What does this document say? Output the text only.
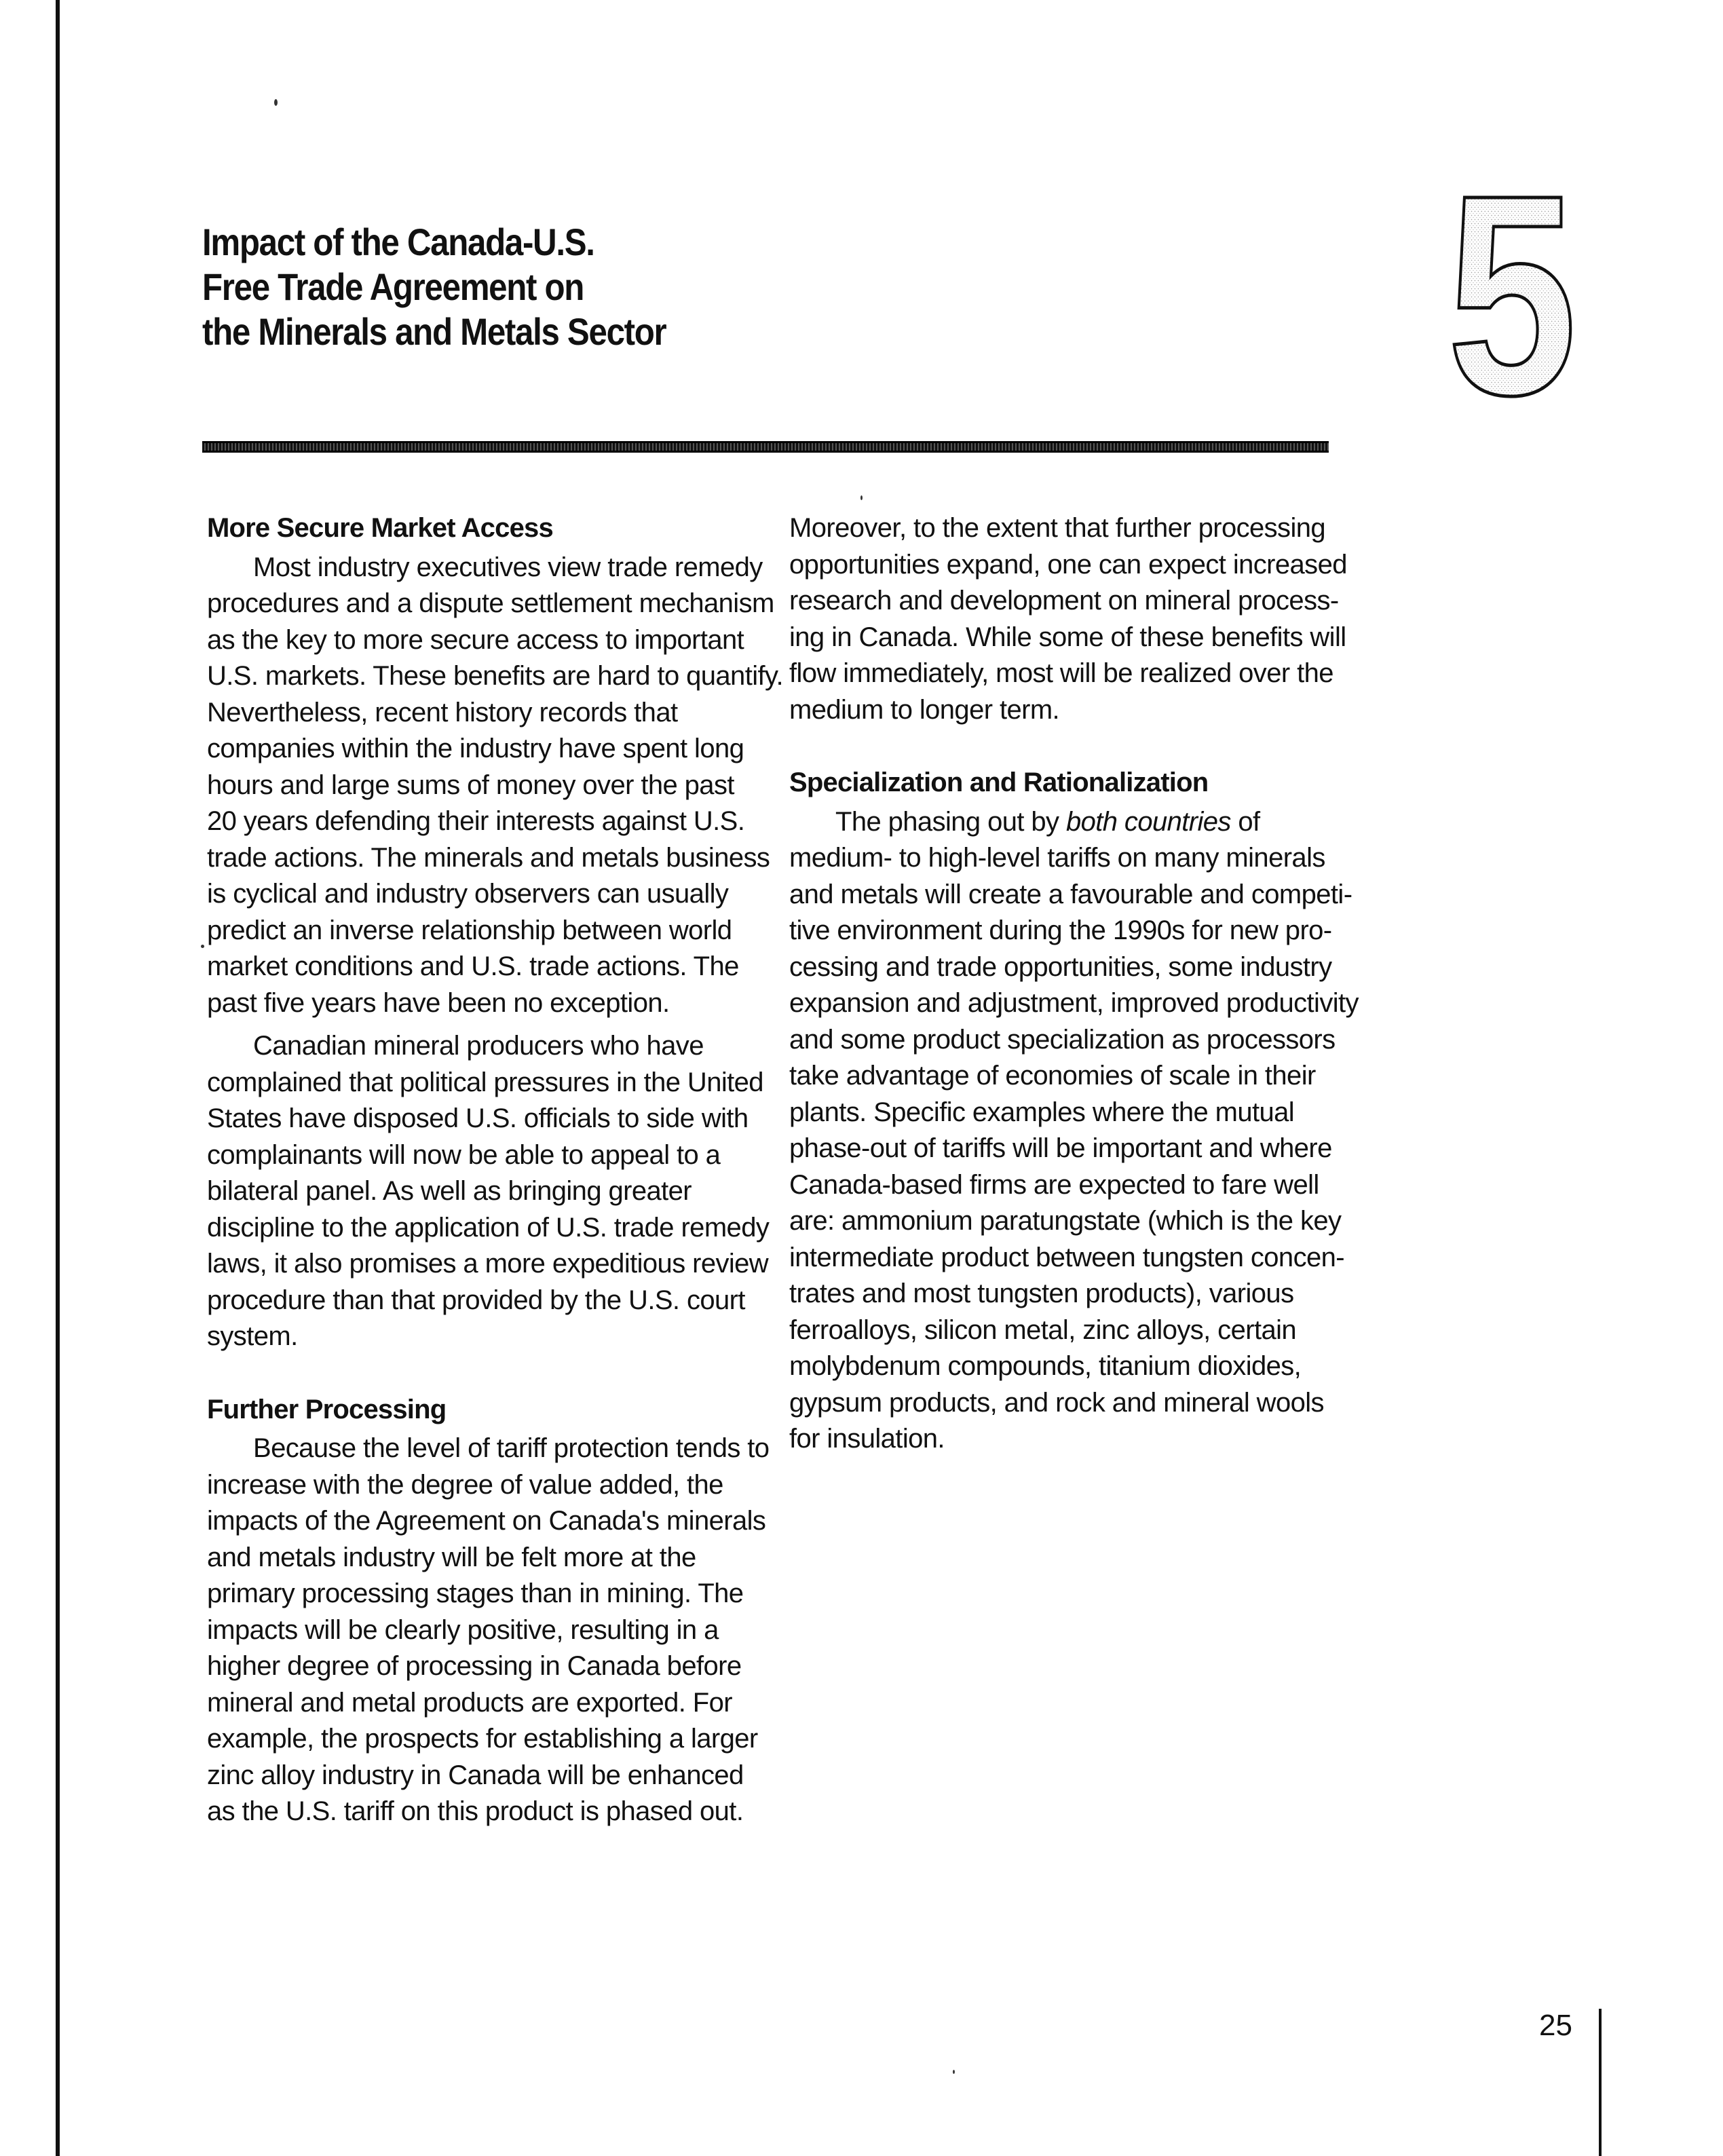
Impact of the Canada-U.S.
Free Trade Agreement on
the Minerals and Metals Sector	5
More Secure Market Access
Most industry executives view trade remedy
procedures and a dispute settlement mechanism
as the key to more secure access to important
U.S. markets. These benefits are hard to quantify.
Nevertheless, recent history records that
companies within the industry have spent long
hours and large sums of money over the past
20 years defending their interests against U.S.
trade actions. The minerals and metals business
is cyclical and industry observers can usually
predict an inverse relationship between world
market conditions and U.S. trade actions. The
past five years have been no exception.
Canadian mineral producers who have
complained that political pressures in the United
States have disposed U.S. officials to side with
complainants will now be able to appeal to a
bilateral panel. As well as bringing greater
discipline to the application of U.S. trade remedy
laws, it also promises a more expeditious review
procedure than that provided by the U.S. court
system.
Further Processing
Because the level of tariff protection tends to
increase with the degree of value added, the
impacts of the Agreement on Canada's minerals
and metals industry will be felt more at the
primary processing stages than in mining. The
impacts will be clearly positive, resulting in a
higher degree of processing in Canada before
mineral and metal products are exported. For
example, the prospects for establishing a larger
zinc alloy industry in Canada will be enhanced
as the U.S. tariff on this product is phased out.
Moreover, to the extent that further processing
opportunities expand, one can expect increased
research and development on mineral process-
ing in Canada. While some of these benefits will
flow immediately, most will be realized over the
medium to longer term.
Specialization and Rationalization
The phasing out by both countries of
medium- to high-level tariffs on many minerals
and metals will create a favourable and competi-
tive environment during the 1990s for new pro-
cessing and trade opportunities, some industry
expansion and adjustment, improved productivity
and some product specialization as processors
take advantage of economies of scale in their
plants. Specific examples where the mutual
phase-out of tariffs will be important and where
Canada-based firms are expected to fare well
are: ammonium paratungstate (which is the key
intermediate product between tungsten concen-
trates and most tungsten products), various
ferroalloys, silicon metal, zinc alloys, certain
molybdenum compounds, titanium dioxides,
gypsum products, and rock and mineral wools
for insulation.
25
